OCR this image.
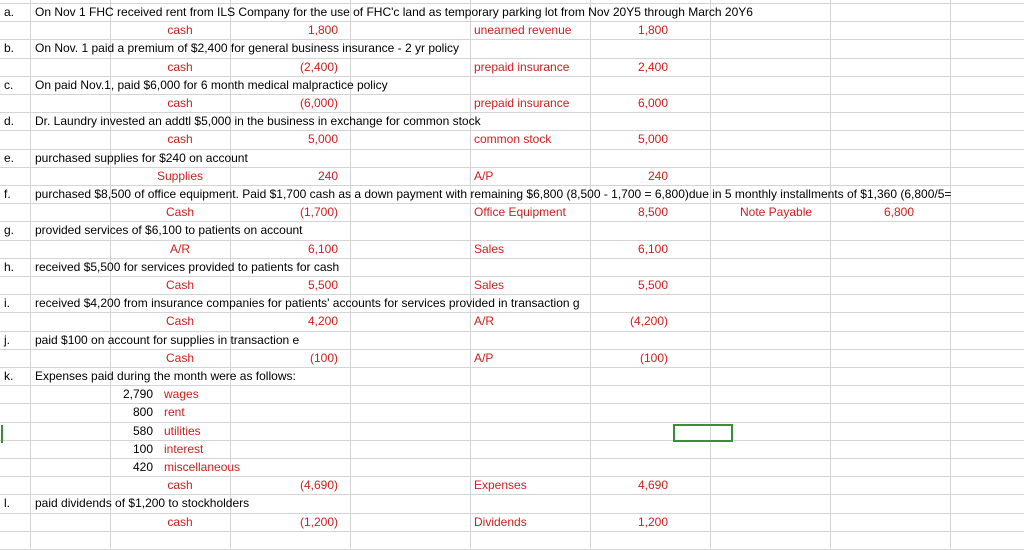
a.	On Nov 1 FHC received rent from ILS Company for the use of FHC'c land as temporary parking lot from Nov 20Y5 through March 20Y6
cash	1,800	unearned revenue	1,800
b.	On Nov. 1 paid a premium of $2,400 for general business insurance - 2 yr policy
cash	(2,400)	prepaid insurance	2,400
c.	On paid Nov.1, paid $6,000 for 6 month medical malpractice policy
cash	(6,000)	prepaid insurance	6,000
d.	Dr. Laundry invested an addtl $5,000 in the business in exchange for common stock
cash	5,000	common stock	5,000
e.	purchased supplies for $240 on account
Supplies	240	A/P	240
f.	purchased $8,500 of office equipment. Paid $1,700 cash as a down payment with remaining $6,800 (8,500 - 1,700 = 6,800)due in 5 monthly installments of $1,360 (6,800/5=
Cash	(1,700)	Office Equipment	8,500	Note Payable	6,800
g.	provided services of $6,100 to patients on account
A/R	6,100	Sales	6,100
h.	received $5,500 for services provided to patients for cash
Cash	5,500	Sales	5,500
i.	received $4,200 from insurance companies for patients' accounts for services provided in transaction g
Cash	4,200	A/R	(4,200)
j.	paid $100 on account for supplies in transaction e
Cash	(100)	A/P	(100)
k.	Expenses paid during the month were as follows:
2,790 wages
800 rent
580 utilities
100 interest
420 miscellaneous
cash	(4,690)	Expenses	4,690
l.	paid dividends of $1,200 to stockholders
cash	(1,200)	Dividends	1,200
